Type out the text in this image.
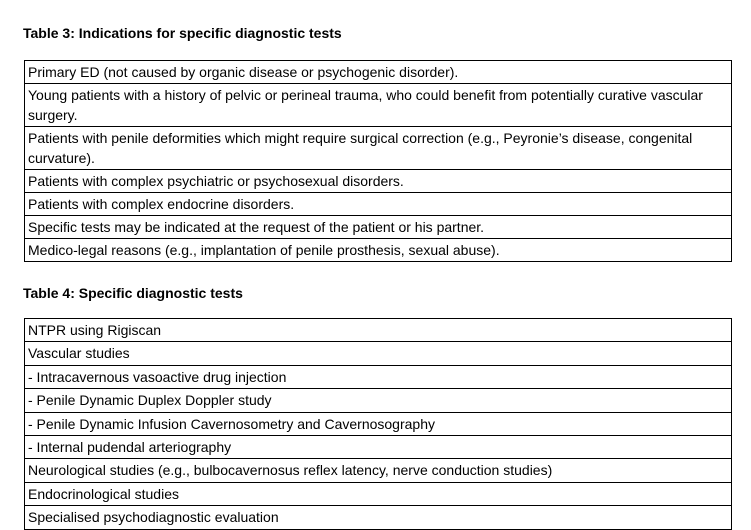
Table 3: Indications for specific diagnostic tests
Primary ED (not caused by organic disease or psychogenic disorder).
Young patients with a history of pelvic or perineal trauma, who could benefit from potentially curative vascular surgery.
Patients with penile deformities which might require surgical correction (e.g., Peyronie’s disease, congenital curvature).
Patients with complex psychiatric or psychosexual disorders.
Patients with complex endocrine disorders.
Specific tests may be indicated at the request of the patient or his partner.
Medico-legal reasons (e.g., implantation of penile prosthesis, sexual abuse).
Table 4: Specific diagnostic tests
NTPR using Rigiscan
Vascular studies
- Intracavernous vasoactive drug injection
- Penile Dynamic Duplex Doppler study
- Penile Dynamic Infusion Cavernosometry and Cavernosography
- Internal pudendal arteriography
Neurological studies (e.g., bulbocavernosus reflex latency, nerve conduction studies)
Endocrinological studies
Specialised psychodiagnostic evaluation
